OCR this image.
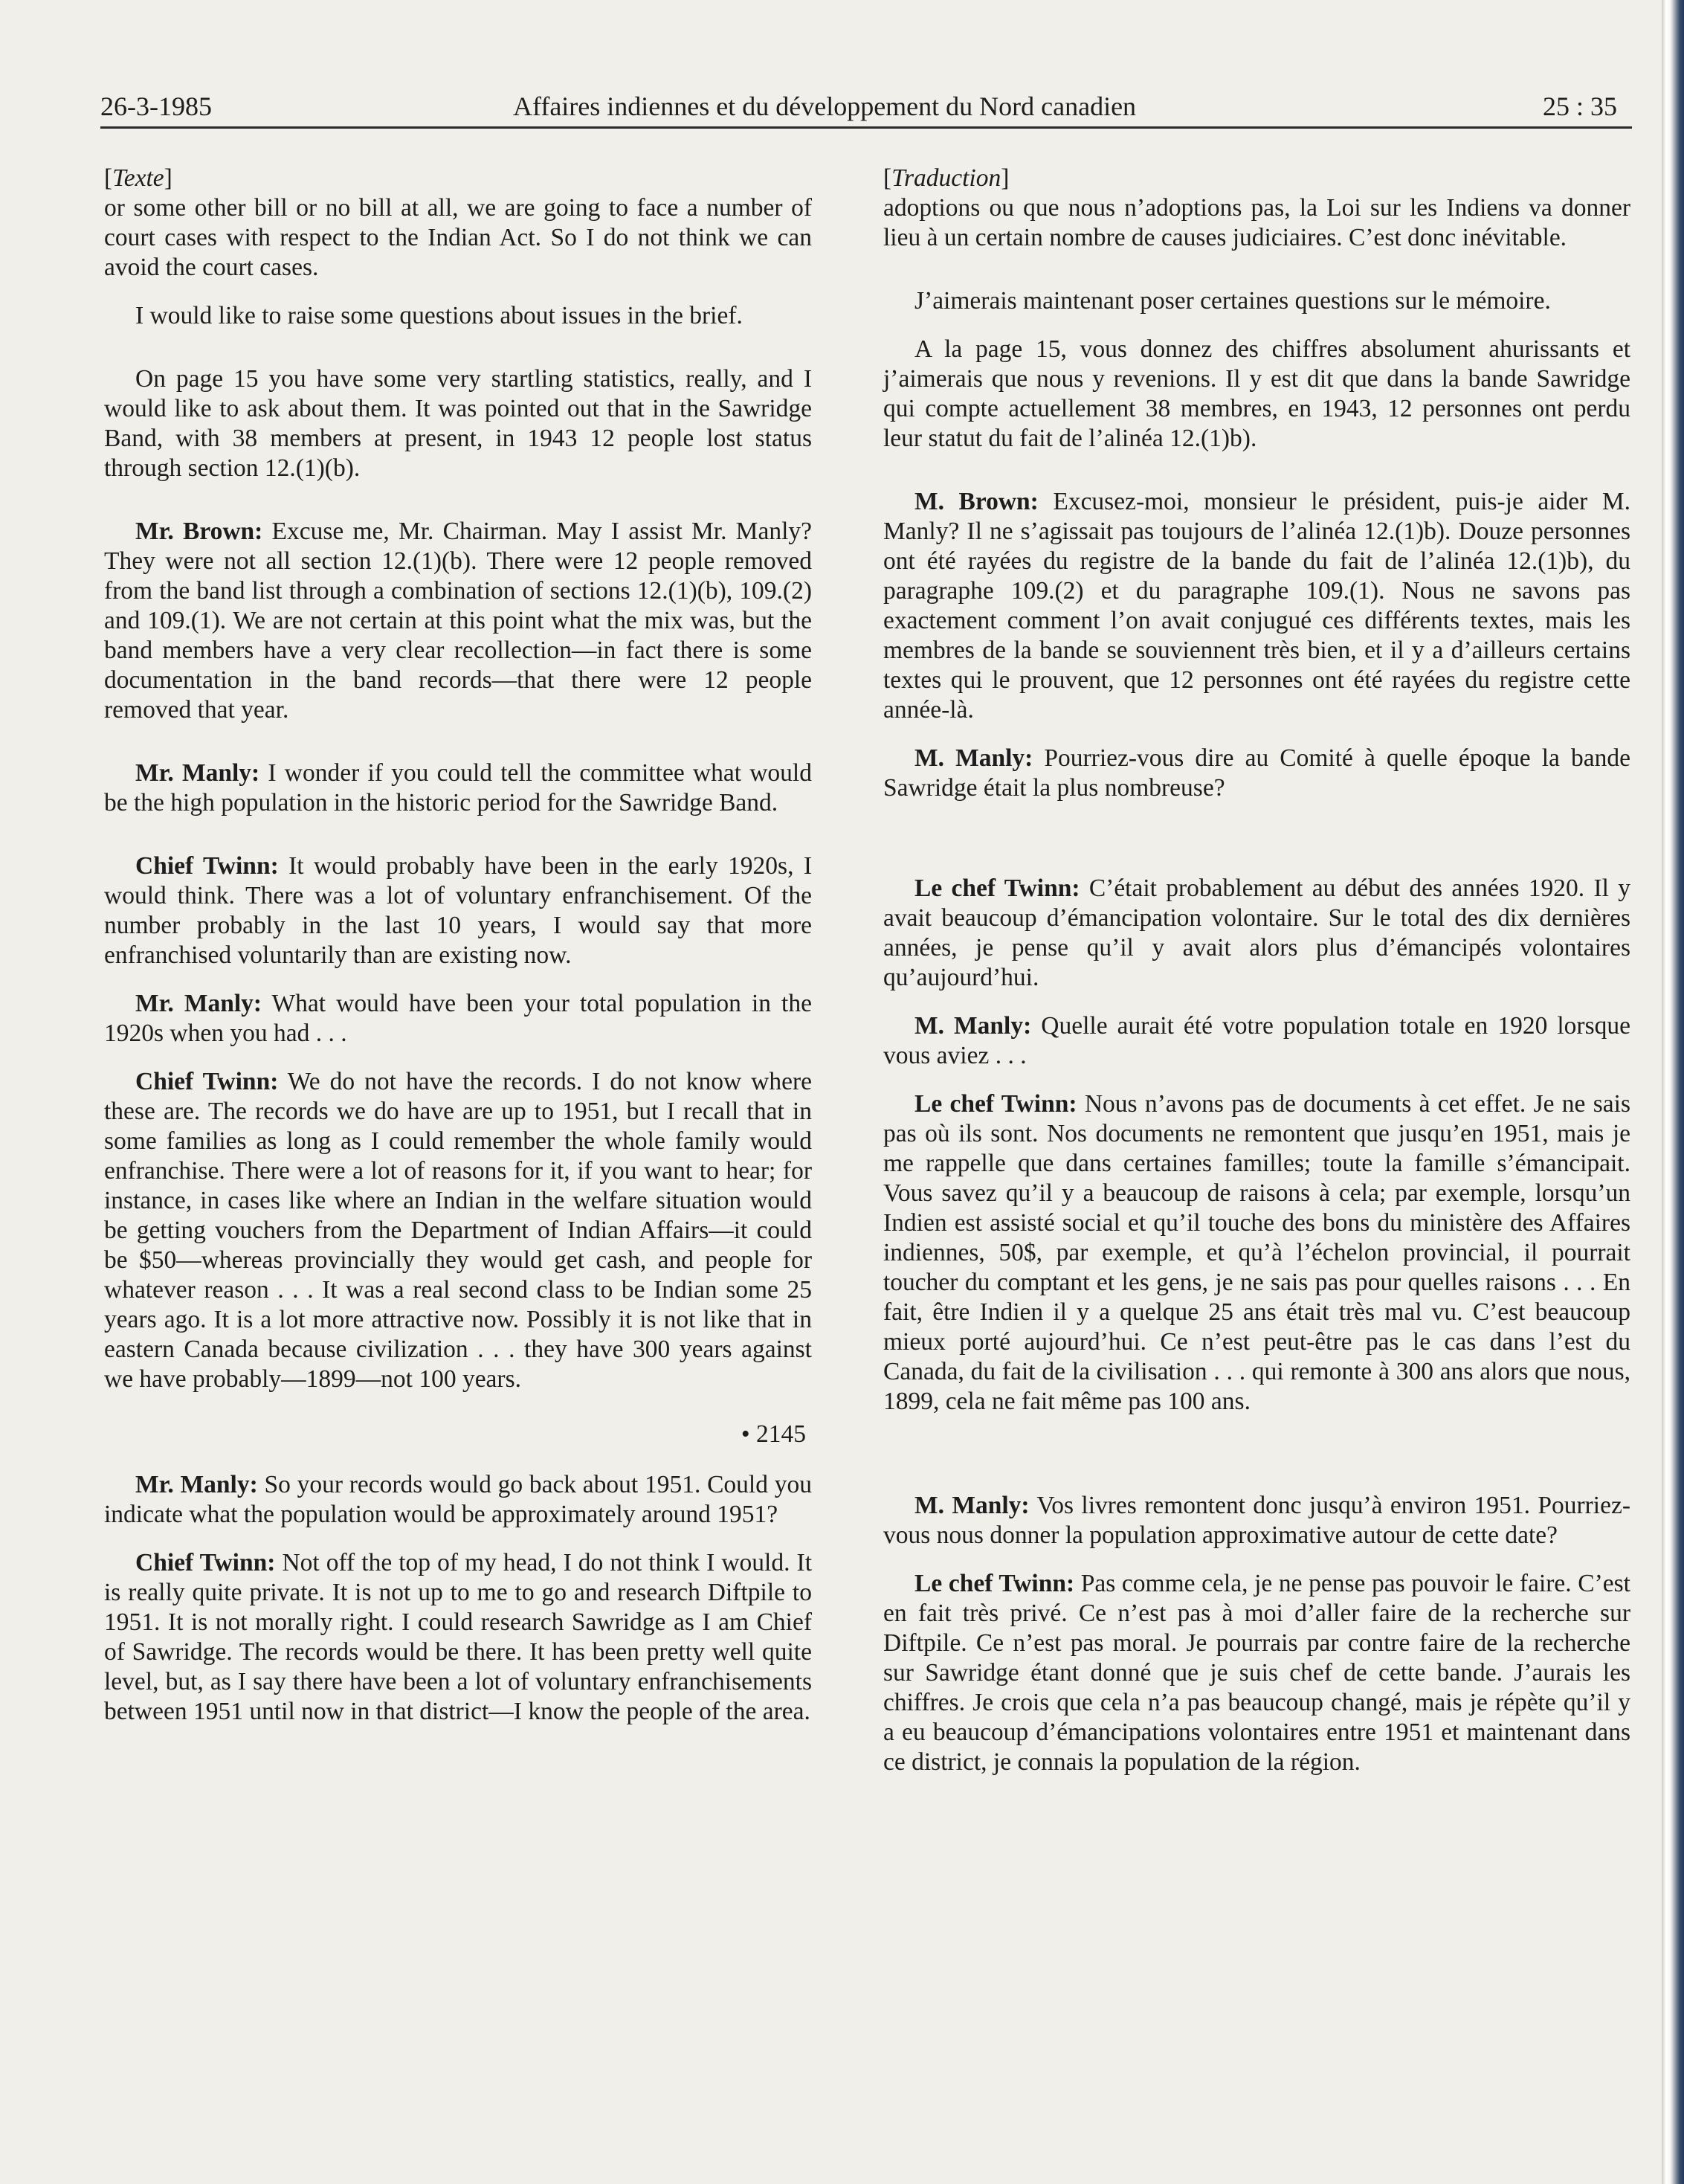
26-3-1985	Affaires indiennes et du développement du Nord canadien	25 : 35

[Texte]

or some other bill or no bill at all, we are going to face a number of court cases with respect to the Indian Act. So I do not think we can avoid the court cases.

I would like to raise some questions about issues in the brief.

On page 15 you have some very startling statistics, really, and I would like to ask about them. It was pointed out that in the Sawridge Band, with 38 members at present, in 1943 12 people lost status through section 12.(1)(b).

Mr. Brown: Excuse me, Mr. Chairman. May I assist Mr. Manly? They were not all section 12.(1)(b). There were 12 people removed from the band list through a combination of sections 12.(1)(b), 109.(2) and 109.(1). We are not certain at this point what the mix was, but the band members have a very clear recollection—in fact there is some documentation in the band records—that there were 12 people removed that year.

Mr. Manly: I wonder if you could tell the committee what would be the high population in the historic period for the Sawridge Band.

Chief Twinn: It would probably have been in the early 1920s, I would think. There was a lot of voluntary enfranchisement. Of the number probably in the last 10 years, I would say that more enfranchised voluntarily than are existing now.

Mr. Manly: What would have been your total population in the 1920s when you had . . .

Chief Twinn: We do not have the records. I do not know where these are. The records we do have are up to 1951, but I recall that in some families as long as I could remember the whole family would enfranchise. There were a lot of reasons for it, if you want to hear; for instance, in cases like where an Indian in the welfare situation would be getting vouchers from the Department of Indian Affairs—it could be $50—whereas provincially they would get cash, and people for whatever reason . . . It was a real second class to be Indian some 25 years ago. It is a lot more attractive now. Possibly it is not like that in eastern Canada because civilization . . . they have 300 years against we have probably—1899—not 100 years.

• 2145

Mr. Manly: So your records would go back about 1951. Could you indicate what the population would be approximately around 1951?

Chief Twinn: Not off the top of my head, I do not think I would. It is really quite private. It is not up to me to go and research Diftpile to 1951. It is not morally right. I could research Sawridge as I am Chief of Sawridge. The records would be there. It has been pretty well quite level, but, as I say there have been a lot of voluntary enfranchisements between 1951 until now in that district—I know the people of the area.

[Traduction]

adoptions ou que nous n’adoptions pas, la Loi sur les Indiens va donner lieu à un certain nombre de causes judiciaires. C’est donc inévitable.

J’aimerais maintenant poser certaines questions sur le mémoire.

A la page 15, vous donnez des chiffres absolument ahurissants et j’aimerais que nous y revenions. Il y est dit que dans la bande Sawridge qui compte actuellement 38 membres, en 1943, 12 personnes ont perdu leur statut du fait de l’alinéa 12.(1)b).

M. Brown: Excusez-moi, monsieur le président, puis-je aider M. Manly? Il ne s’agissait pas toujours de l’alinéa 12.(1)b). Douze personnes ont été rayées du registre de la bande du fait de l’alinéa 12.(1)b), du paragraphe 109.(2) et du paragraphe 109.(1). Nous ne savons pas exactement comment l’on avait conjugué ces différents textes, mais les membres de la bande se souviennent très bien, et il y a d’ailleurs certains textes qui le prouvent, que 12 personnes ont été rayées du registre cette année-là.

M. Manly: Pourriez-vous dire au Comité à quelle époque la bande Sawridge était la plus nombreuse?

Le chef Twinn: C’était probablement au début des années 1920. Il y avait beaucoup d’émancipation volontaire. Sur le total des dix dernières années, je pense qu’il y avait alors plus d’émancipés volontaires qu’aujourd’hui.

M. Manly: Quelle aurait été votre population totale en 1920 lorsque vous aviez . . .

Le chef Twinn: Nous n’avons pas de documents à cet effet. Je ne sais pas où ils sont. Nos documents ne remontent que jusqu’en 1951, mais je me rappelle que dans certaines familles; toute la famille s’émancipait. Vous savez qu’il y a beaucoup de raisons à cela; par exemple, lorsqu’un Indien est assisté social et qu’il touche des bons du ministère des Affaires indiennes, 50$, par exemple, et qu’à l’échelon provincial, il pourrait toucher du comptant et les gens, je ne sais pas pour quelles raisons . . . En fait, être Indien il y a quelque 25 ans était très mal vu. C’est beaucoup mieux porté aujourd’hui. Ce n’est peut-être pas le cas dans l’est du Canada, du fait de la civilisation . . . qui remonte à 300 ans alors que nous, 1899, cela ne fait même pas 100 ans.

M. Manly: Vos livres remontent donc jusqu’à environ 1951. Pourriez-vous nous donner la population approximative autour de cette date?

Le chef Twinn: Pas comme cela, je ne pense pas pouvoir le faire. C’est en fait très privé. Ce n’est pas à moi d’aller faire de la recherche sur Diftpile. Ce n’est pas moral. Je pourrais par contre faire de la recherche sur Sawridge étant donné que je suis chef de cette bande. J’aurais les chiffres. Je crois que cela n’a pas beaucoup changé, mais je répète qu’il y a eu beaucoup d’émancipations volontaires entre 1951 et maintenant dans ce district, je connais la population de la région.
